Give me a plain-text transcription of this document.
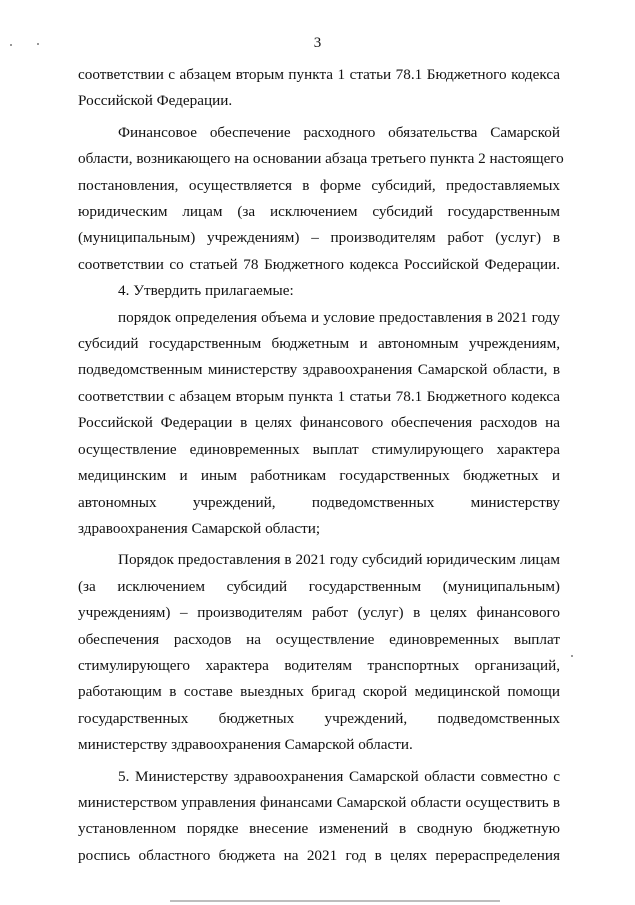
3

соответствии с абзацем вторым пункта 1 статьи 78.1 Бюджетного кодекса
Российской Федерации.

Финансовое обеспечение расходного обязательства Самарской
области, возникающего на основании абзаца третьего пункта 2 настоящего
постановления, осуществляется в форме субсидий, предоставляемых
юридическим лицам (за исключением субсидий государственным
(муниципальным) учреждениям) – производителям работ (услуг) в
соответствии со статьей 78 Бюджетного кодекса Российской Федерации.

4. Утвердить прилагаемые:

порядок определения объема и условие предоставления в 2021 году
субсидий государственным бюджетным и автономным учреждениям,
подведомственным министерству здравоохранения Самарской области, в
соответствии с абзацем вторым пункта 1 статьи 78.1 Бюджетного кодекса
Российской Федерации в целях финансового обеспечения расходов на
осуществление единовременных выплат стимулирующего характера
медицинским и иным работникам государственных бюджетных и
автономных учреждений, подведомственных министерству
здравоохранения Самарской области;

Порядок предоставления в 2021 году субсидий юридическим лицам
(за исключением субсидий государственным (муниципальным)
учреждениям) – производителям работ (услуг) в целях финансового
обеспечения расходов на осуществление единовременных выплат
стимулирующего характера водителям транспортных организаций,
работающим в составе выездных бригад скорой медицинской помощи
государственных бюджетных учреждений, подведомственных
министерству здравоохранения Самарской области.

5. Министерству здравоохранения Самарской области совместно с
министерством управления финансами Самарской области осуществить в
установленном порядке внесение изменений в сводную бюджетную
роспись областного бюджета на 2021 год в целях перераспределения
